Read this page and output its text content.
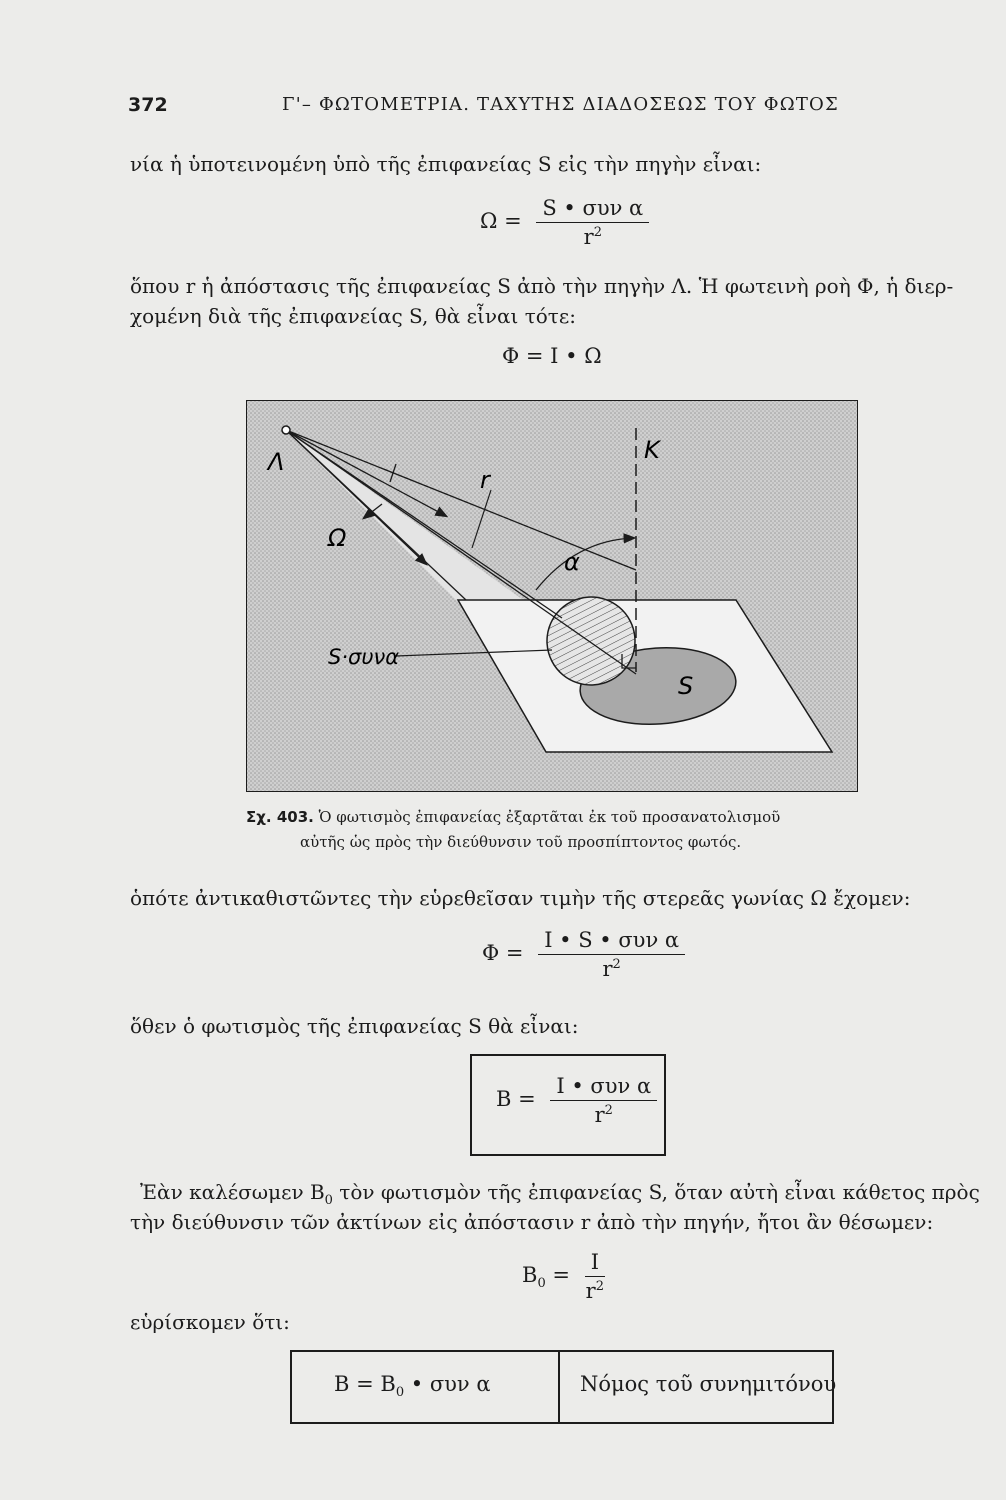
372	Γ'– ΦΩΤΟΜΕΤΡΙΑ. ΤΑΧΥΤΗΣ ΔΙΑΔΟΣΕΩΣ ΤΟΥ ΦΩΤΟΣ
νία ἡ ὑποτεινομένη ὑπὸ τῆς ἐπιφανείας S εἰς τὴν πηγὴν εἶναι:
$\Omega = \frac{\text{S • συν α}}{r^2}$
ὅπου r ἡ ἀπόστασις τῆς ἐπιφανείας S ἀπὸ τὴν πηγὴν Λ. Ἡ φωτεινὴ ροὴ Φ, ἡ διερ-
χομένη διὰ τῆς ἐπιφανείας S, θὰ εἶναι τότε:
Φ = I • Ω
Λ	K
r
Ω
α
S
S·συνα
Σχ. 403. Ὁ φωτισμὸς ἐπιφανείας ἐξαρτᾶται ἐκ τοῦ προσανατολισμοῦ
αὐτῆς ὡς πρὸς τὴν διεύθυνσιν τοῦ προσπίπτοντος φωτός.
ὁπότε ἀντικαθιστῶντες τὴν εὑρεθεῖσαν τιμὴν τῆς στερεᾶς γωνίας Ω ἔχομεν:
$\Phi = \frac{\text{I • S • συν α}}{r^2}$
ὅθεν ὁ φωτισμὸς τῆς ἐπιφανείας S θὰ εἶναι:
$B = \frac{\text{I • συν α}}{r^2}$
Ἐὰν καλέσωμεν $B_0$ τὸν φωτισμὸν τῆς ἐπιφανείας S, ὅταν αὐτὴ εἶναι κάθετος πρὸς
τὴν διεύθυνσιν τῶν ἀκτίνων εἰς ἀπόστασιν r ἀπὸ τὴν πηγήν, ἤτοι ἂν θέσωμεν:
$B_0 = \frac{I}{r^2}$
εὑρίσκομεν ὅτι:
$B = B_0$ • συν α	Νόμος τοῦ συνημιτόνου
